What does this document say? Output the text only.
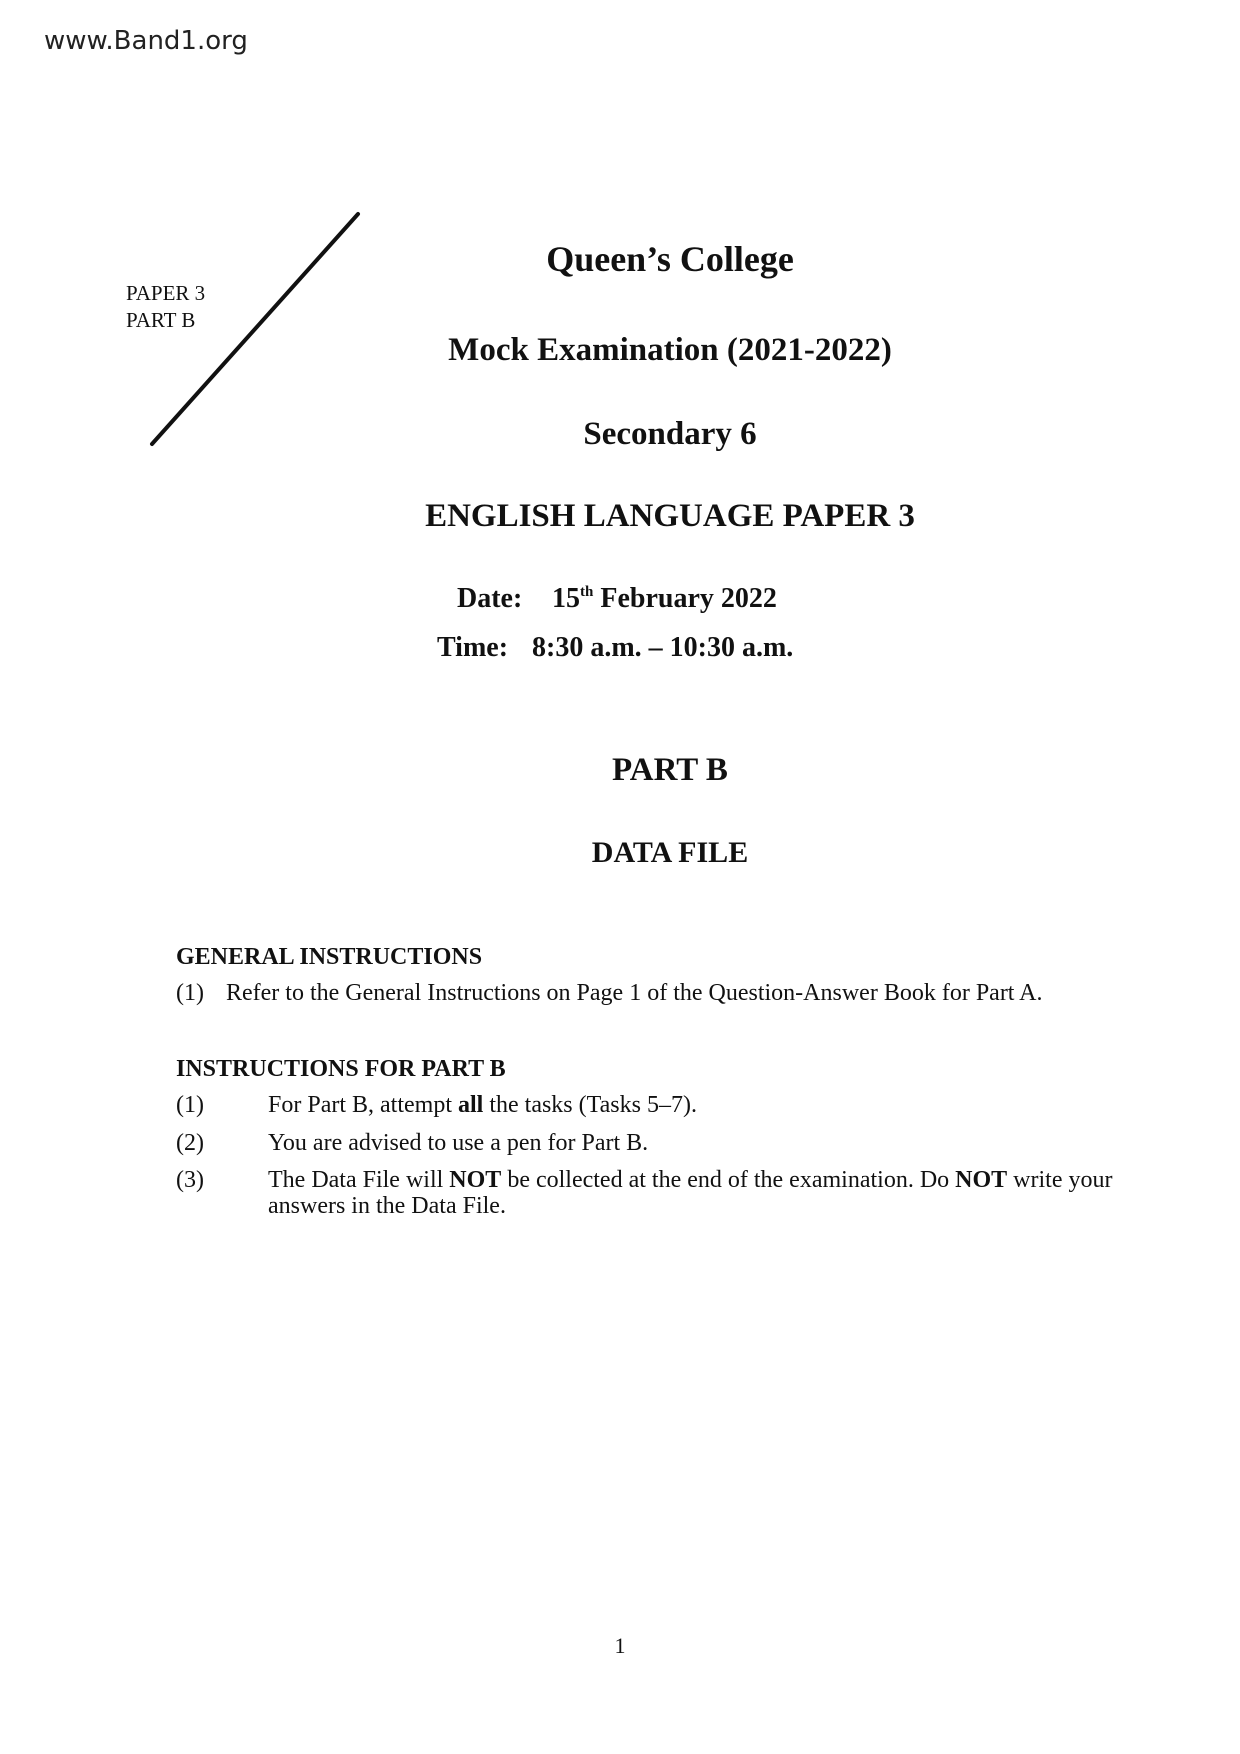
www.Band1.org
PAPER 3
PART B
Queen’s College
Mock Examination (2021-2022)
Secondary 6
ENGLISH LANGUAGE PAPER 3
Date: 15th February 2022
Time: 8:30 a.m. – 10:30 a.m.
PART B
DATA FILE
GENERAL INSTRUCTIONS
(1) Refer to the General Instructions on Page 1 of the Question-Answer Book for Part A.
INSTRUCTIONS FOR PART B
(1)	For Part B, attempt all the tasks (Tasks 5–7).
(2)	You are advised to use a pen for Part B.
(3)	The Data File will NOT be collected at the end of the examination. Do NOT write your answers in the Data File.
1
